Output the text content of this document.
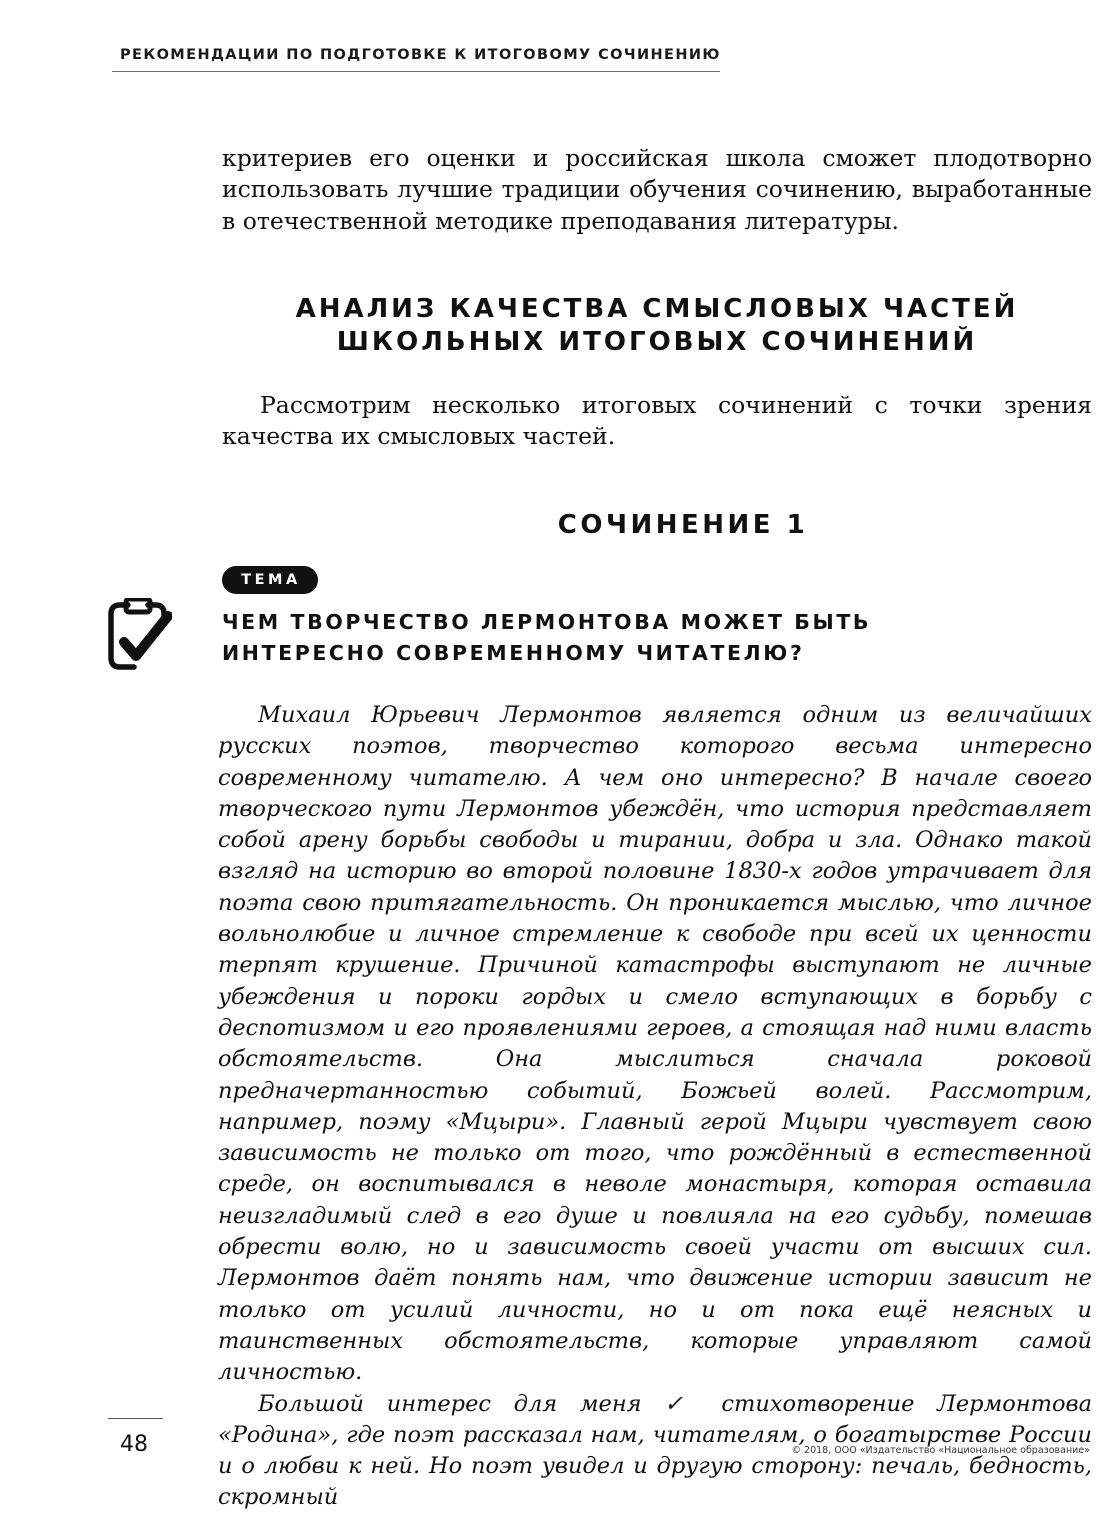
РЕКОМЕНДАЦИИ ПО ПОДГОТОВКЕ К ИТОГОВОМУ СОЧИНЕНИЮ

критериев его оценки и российская школа сможет плодотворно использовать лучшие традиции обучения сочинению, выработанные в отечественной методике преподавания литературы.

АНАЛИЗ КАЧЕСТВА СМЫСЛОВЫХ ЧАСТЕЙ
ШКОЛЬНЫХ ИТОГОВЫХ СОЧИНЕНИЙ

Рассмотрим несколько итоговых сочинений с точки зрения качества их смысловых частей.

СОЧИНЕНИЕ 1
ТЕМА
ЧЕМ ТВОРЧЕСТВО ЛЕРМОНТОВА МОЖЕТ БЫТЬ
ИНТЕРЕСНО СОВРЕМЕННОМУ ЧИТАТЕЛЮ?

Михаил Юрьевич Лермонтов является одним из величайших русских поэтов, творчество которого весьма интересно современному читателю. А чем оно интересно? В начале своего творческого пути Лермонтов убеждён, что история представляет собой арену борьбы свободы и тирании, добра и зла. Однако такой взгляд на историю во второй половине 1830-х годов утрачивает для поэта свою притягательность. Он проникается мыслью, что личное вольнолюбие и личное стремление к свободе при всей их ценности терпят крушение. Причиной катастрофы выступают не личные убеждения и пороки гордых и смело вступающих в борьбу с деспотизмом и его проявлениями героев, а стоящая над ними власть обстоятельств. Она мыслиться сначала роковой предначертанностью событий, Божьей волей. Рассмотрим, например, поэму «Мцыри». Главный герой Мцыри чувствует свою зависимость не только от того, что рождённый в естественной среде, он воспитывался в неволе монастыря, которая оставила неизгладимый след в его душе и повлияла на его судьбу, помешав обрести волю, но и зависимость своей участи от высших сил. Лермонтов даёт понять нам, что движение истории зависит не только от усилий личности, но и от пока ещё неясных и таинственных обстоятельств, которые управляют самой личностью.

Большой интерес для меня ✓ стихотворение Лермонтова «Родина», где поэт рассказал нам, читателям, о богатырстве России и о любви к ней. Но поэт увидел и другую сторону: печаль, бедность, скромный

48	© 2018, ООО «Издательство «Национальное образование»
